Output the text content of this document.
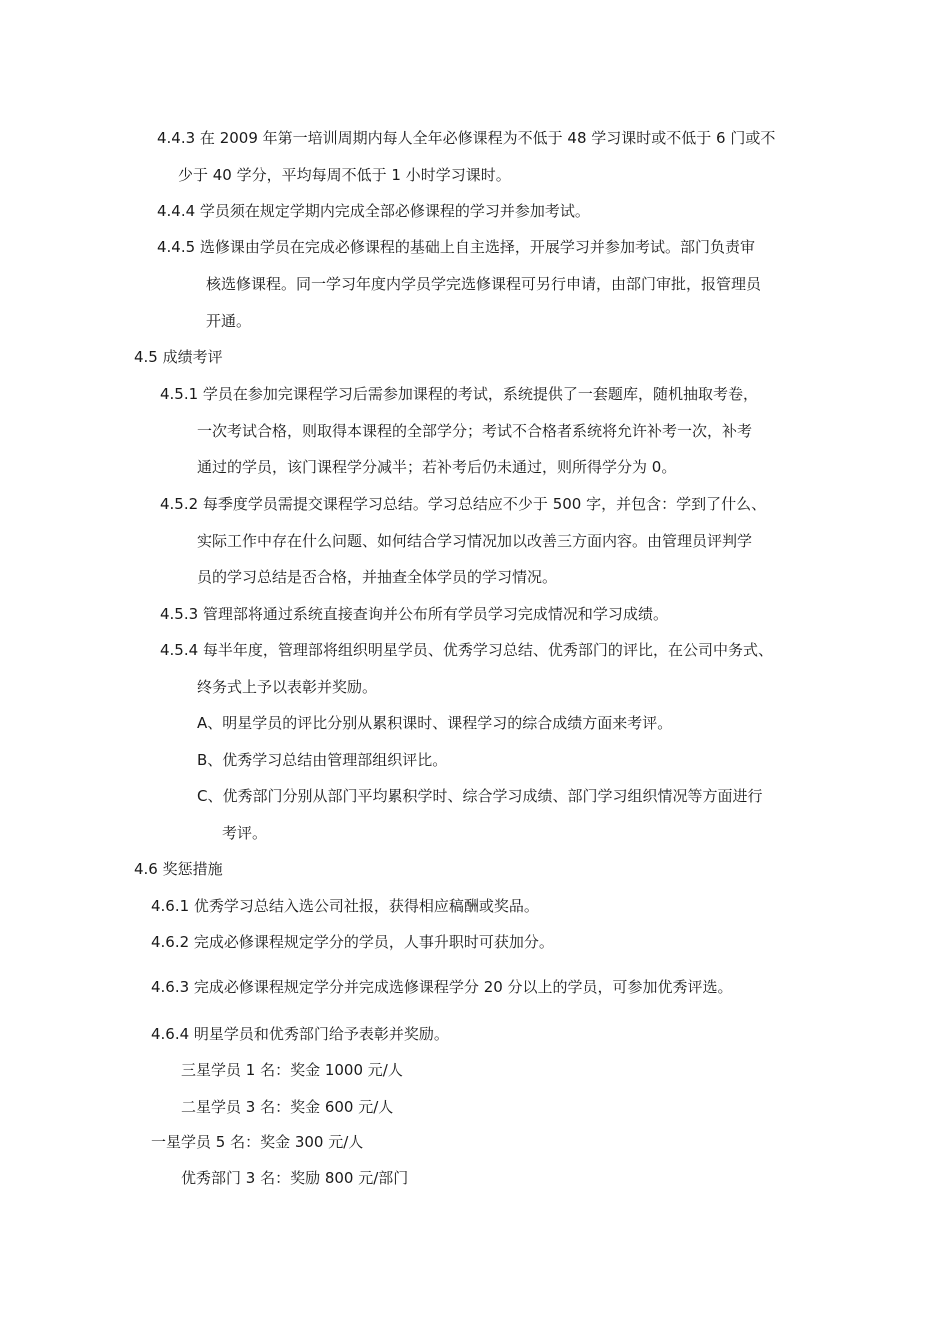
4.4.3 在 2009 年第一培训周期内每人全年必修课程为不低于 48 学习课时或不低于 6 门或不
少于 40 学分，平均每周不低于 1 小时学习课时。
4.4.4 学员须在规定学期内完成全部必修课程的学习并参加考试。
4.4.5 选修课由学员在完成必修课程的基础上自主选择，开展学习并参加考试。部门负责审
核选修课程。同一学习年度内学员学完选修课程可另行申请，由部门审批，报管理员
开通。
4.5 成绩考评
4.5.1 学员在参加完课程学习后需参加课程的考试，系统提供了一套题库，随机抽取考卷，
一次考试合格，则取得本课程的全部学分；考试不合格者系统将允许补考一次，补考
通过的学员，该门课程学分减半；若补考后仍未通过，则所得学分为 0。
4.5.2 每季度学员需提交课程学习总结。学习总结应不少于 500 字，并包含：学到了什么、
实际工作中存在什么问题、如何结合学习情况加以改善三方面内容。由管理员评判学
员的学习总结是否合格，并抽查全体学员的学习情况。
4.5.3 管理部将通过系统直接查询并公布所有学员学习完成情况和学习成绩。
4.5.4 每半年度，管理部将组织明星学员、优秀学习总结、优秀部门的评比，在公司中务式、
终务式上予以表彰并奖励。
A、明星学员的评比分别从累积课时、课程学习的综合成绩方面来考评。
B、优秀学习总结由管理部组织评比。
C、优秀部门分别从部门平均累积学时、综合学习成绩、部门学习组织情况等方面进行
考评。
4.6 奖惩措施
4.6.1 优秀学习总结入选公司社报，获得相应稿酬或奖品。
4.6.2 完成必修课程规定学分的学员，人事升职时可获加分。
4.6.3 完成必修课程规定学分并完成选修课程学分 20 分以上的学员，可参加优秀评选。
4.6.4 明星学员和优秀部门给予表彰并奖励。
三星学员 1 名：奖金 1000 元/人
二星学员 3 名：奖金 600 元/人
一星学员 5 名：奖金 300 元/人
优秀部门 3 名：奖励 800 元/部门
